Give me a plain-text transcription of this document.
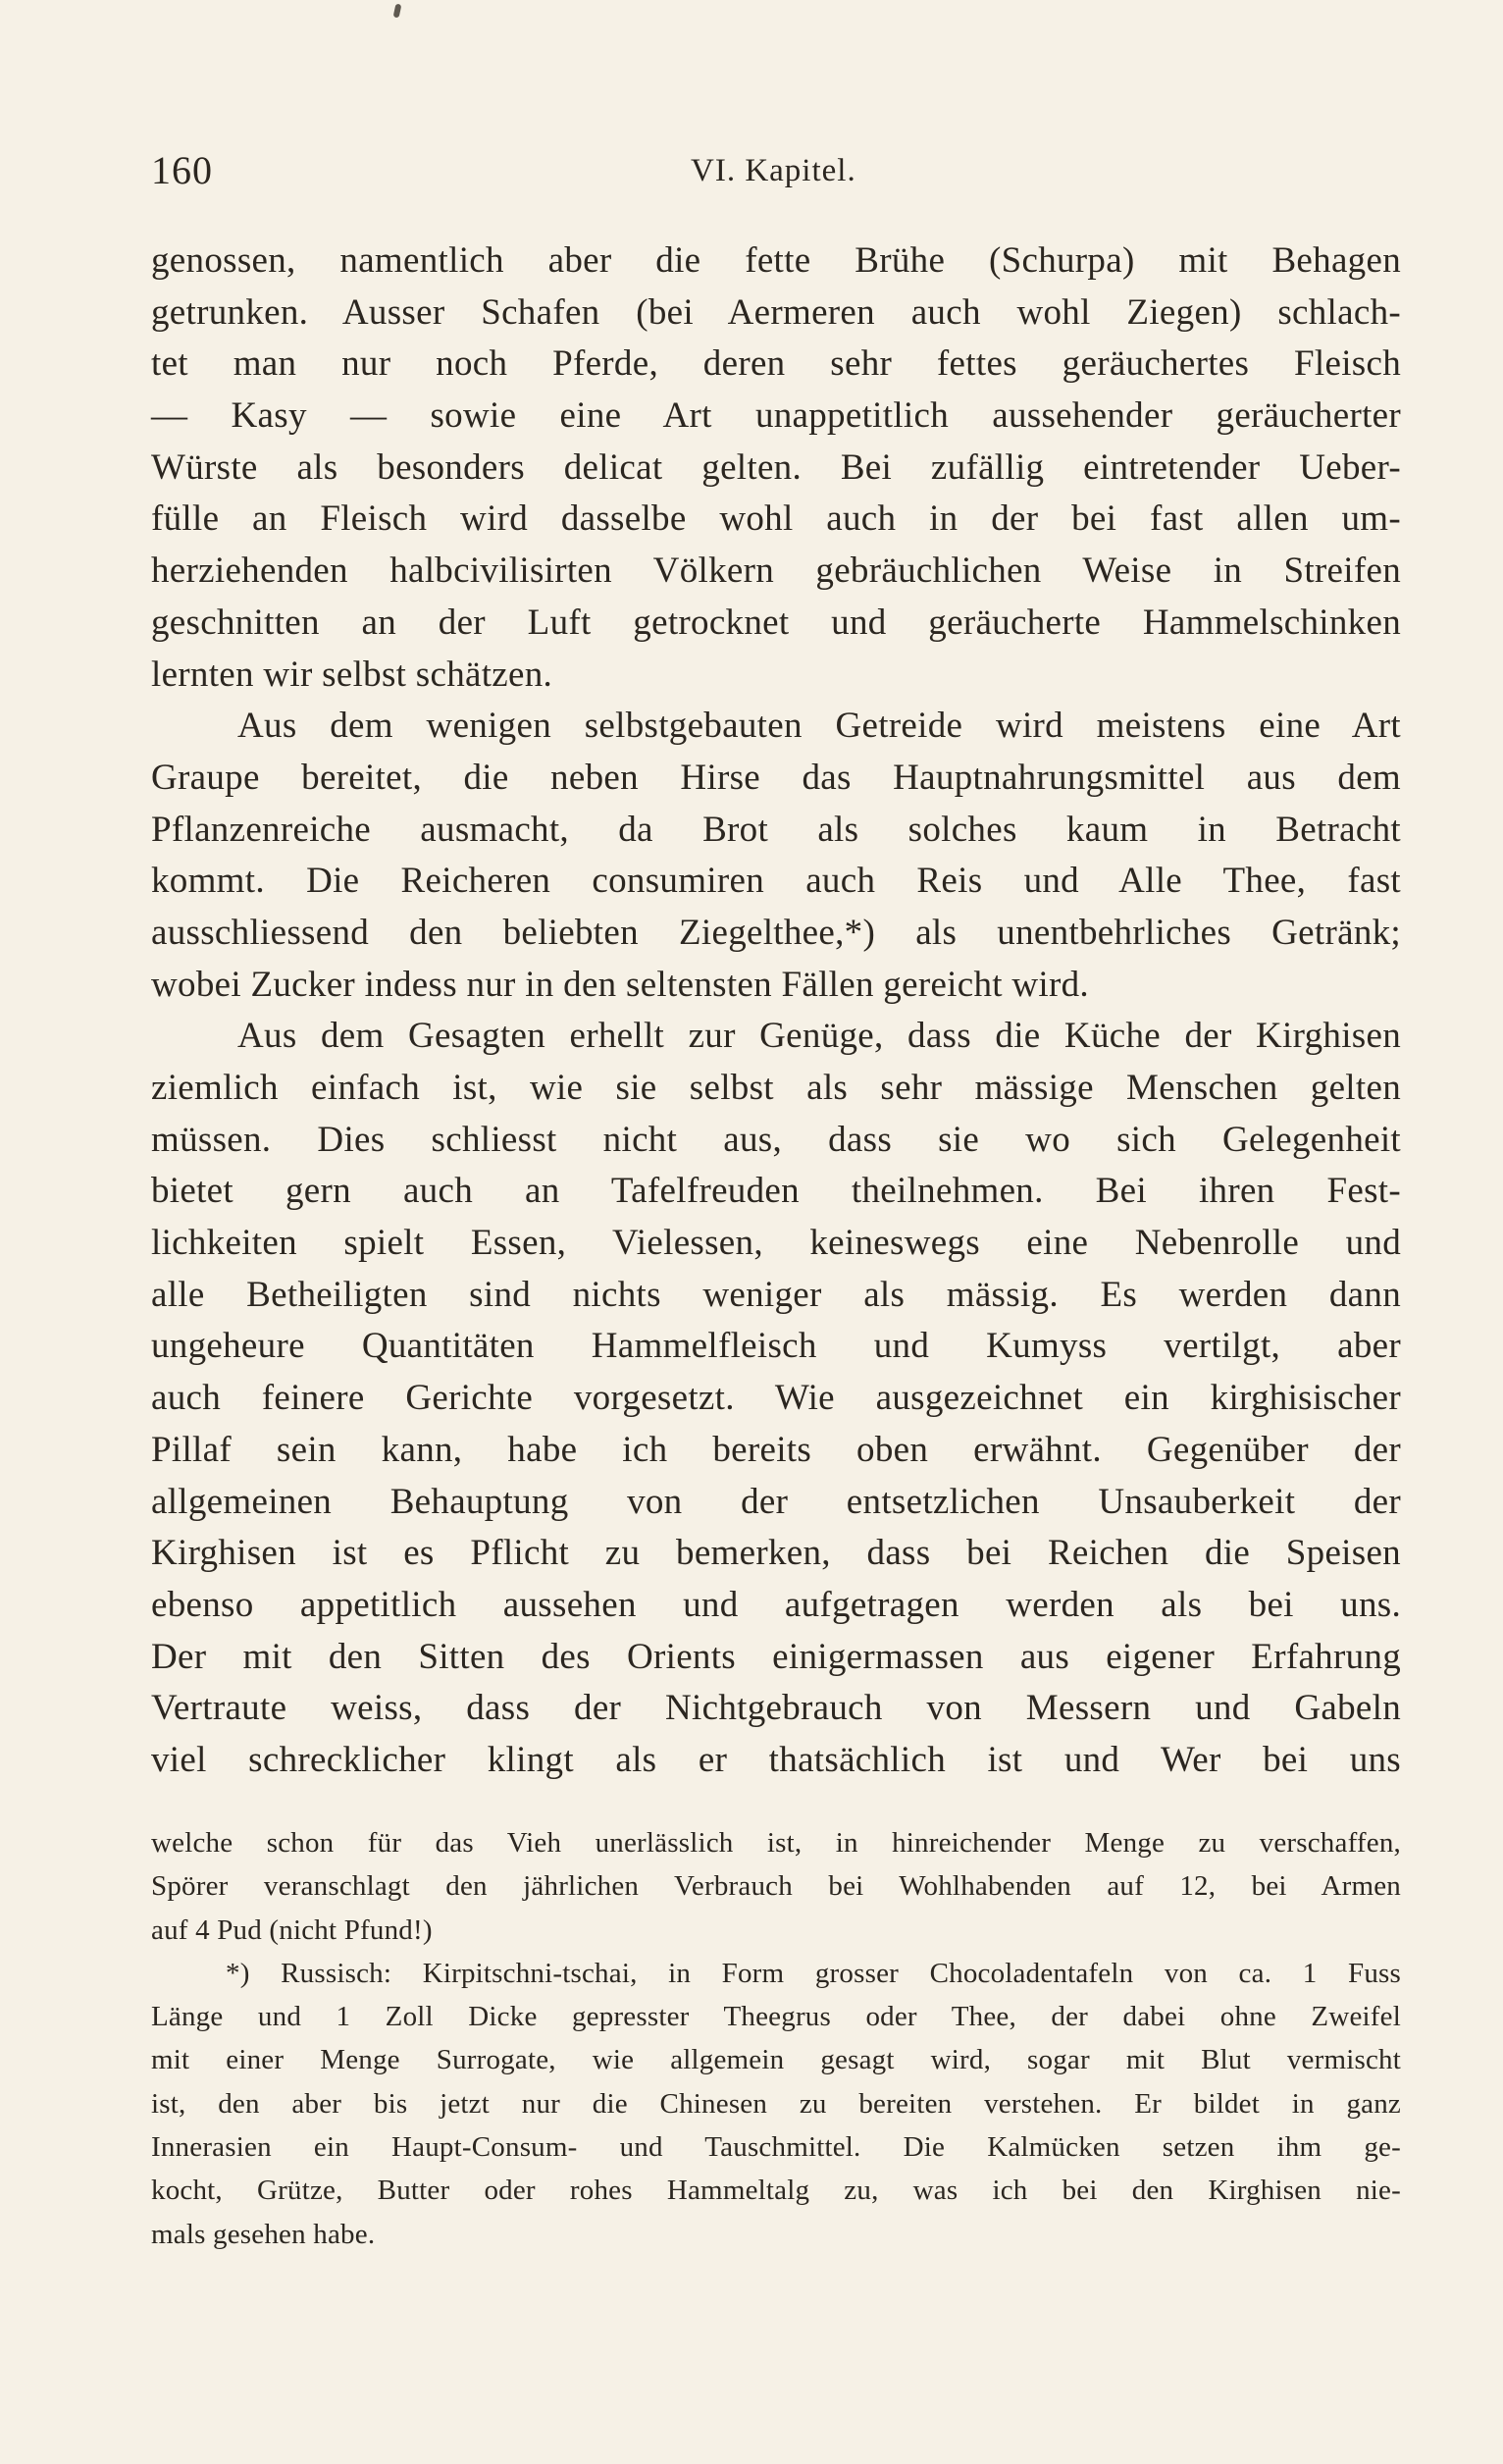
160	VI. Kapitel.
genossen, namentlich aber die fette Brühe (Schurpa) mit Behagen
getrunken. Ausser Schafen (bei Aermeren auch wohl Ziegen) schlach-
tet man nur noch Pferde, deren sehr fettes geräuchertes Fleisch
— Kasy — sowie eine Art unappetitlich aussehender geräucherter
Würste als besonders delicat gelten. Bei zufällig eintretender Ueber-
fülle an Fleisch wird dasselbe wohl auch in der bei fast allen um-
herziehenden halbcivilisirten Völkern gebräuchlichen Weise in Streifen
geschnitten an der Luft getrocknet und geräucherte Hammelschinken
lernten wir selbst schätzen.
Aus dem wenigen selbstgebauten Getreide wird meistens eine Art
Graupe bereitet, die neben Hirse das Hauptnahrungsmittel aus dem
Pflanzenreiche ausmacht, da Brot als solches kaum in Betracht
kommt. Die Reicheren consumiren auch Reis und Alle Thee, fast
ausschliessend den beliebten Ziegelthee,*) als unentbehrliches Getränk;
wobei Zucker indess nur in den seltensten Fällen gereicht wird.
Aus dem Gesagten erhellt zur Genüge, dass die Küche der Kirghisen
ziemlich einfach ist, wie sie selbst als sehr mässige Menschen gelten
müssen. Dies schliesst nicht aus, dass sie wo sich Gelegenheit
bietet gern auch an Tafelfreuden theilnehmen. Bei ihren Fest-
lichkeiten spielt Essen, Vielessen, keineswegs eine Nebenrolle und
alle Betheiligten sind nichts weniger als mässig. Es werden dann
ungeheure Quantitäten Hammelfleisch und Kumyss vertilgt, aber
auch feinere Gerichte vorgesetzt. Wie ausgezeichnet ein kirghisischer
Pillaf sein kann, habe ich bereits oben erwähnt. Gegenüber der
allgemeinen Behauptung von der entsetzlichen Unsauberkeit der
Kirghisen ist es Pflicht zu bemerken, dass bei Reichen die Speisen
ebenso appetitlich aussehen und aufgetragen werden als bei uns.
Der mit den Sitten des Orients einigermassen aus eigener Erfahrung
Vertraute weiss, dass der Nichtgebrauch von Messern und Gabeln
viel schrecklicher klingt als er thatsächlich ist und Wer bei uns
welche schon für das Vieh unerlässlich ist, in hinreichender Menge zu verschaffen,
Spörer veranschlagt den jährlichen Verbrauch bei Wohlhabenden auf 12, bei Armen
auf 4 Pud (nicht Pfund!)
*) Russisch: Kirpitschni-tschai, in Form grosser Chocoladentafeln von ca. 1 Fuss
Länge und 1 Zoll Dicke gepresster Theegrus oder Thee, der dabei ohne Zweifel
mit einer Menge Surrogate, wie allgemein gesagt wird, sogar mit Blut vermischt
ist, den aber bis jetzt nur die Chinesen zu bereiten verstehen. Er bildet in ganz
Innerasien ein Haupt-Consum- und Tauschmittel. Die Kalmücken setzen ihm ge-
kocht, Grütze, Butter oder rohes Hammeltalg zu, was ich bei den Kirghisen nie-
mals gesehen habe.
